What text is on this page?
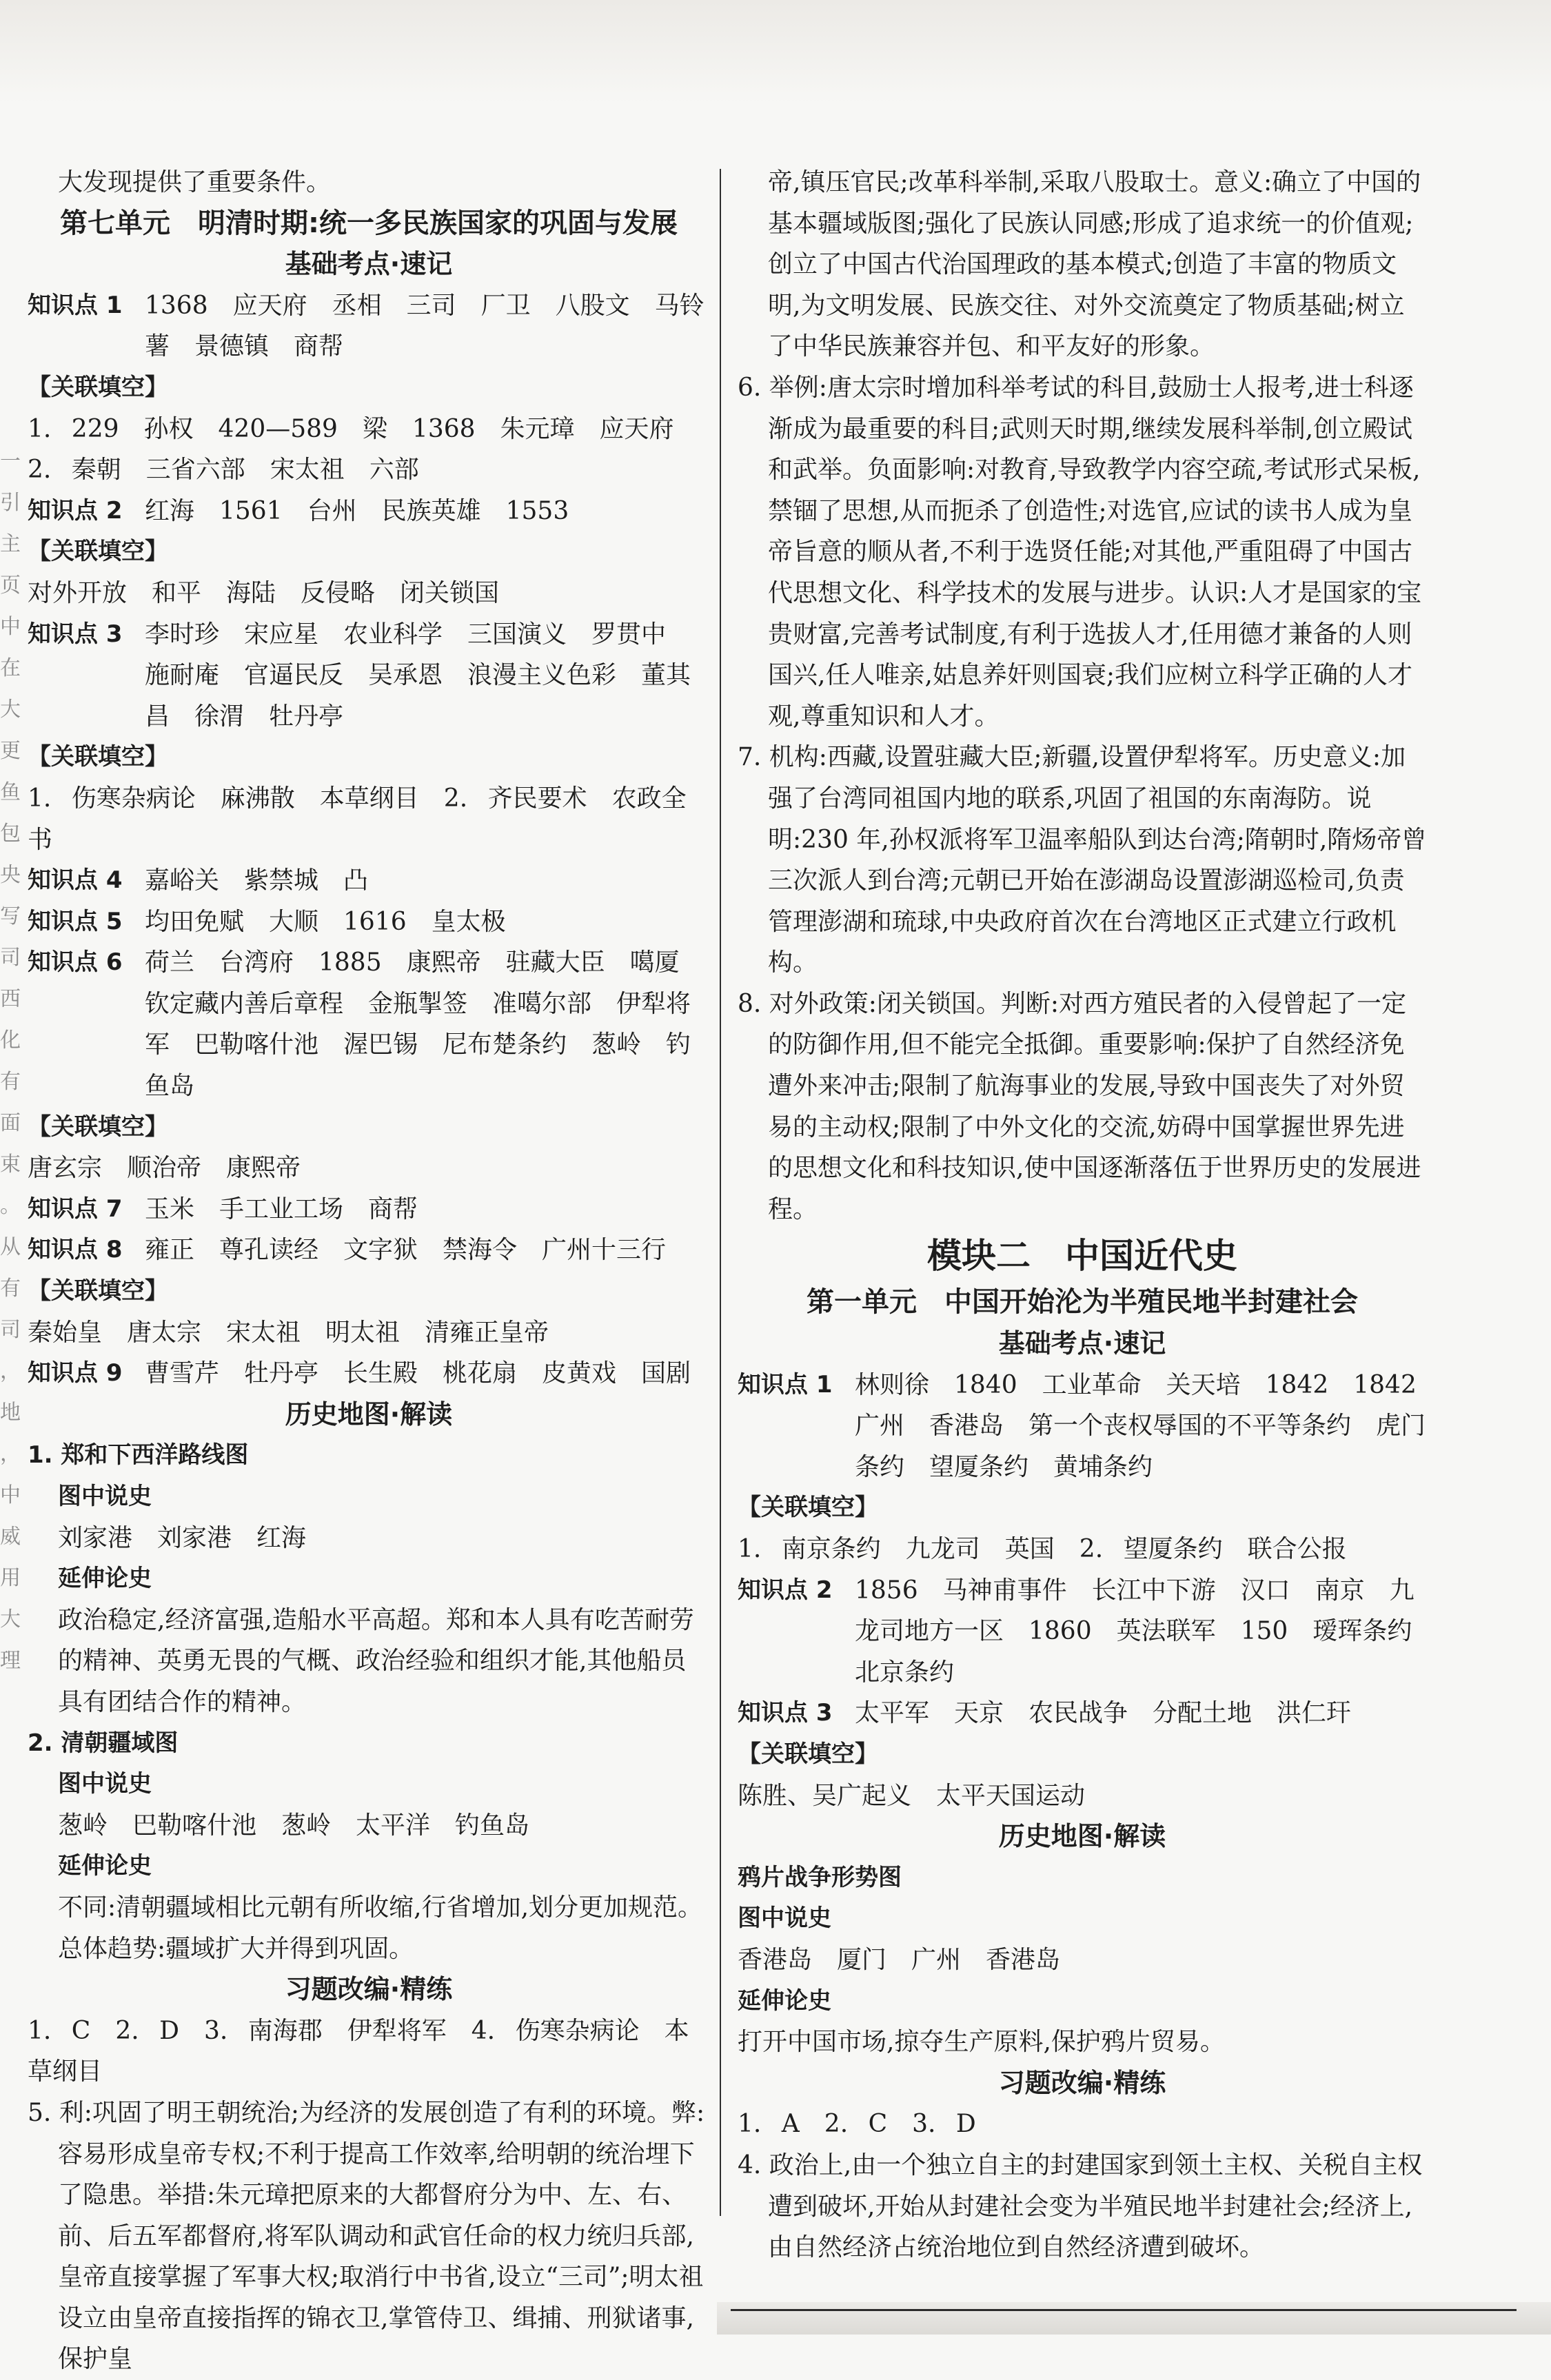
一
引
主
页
中
在
大
更
鱼
包
央
写
司
西
化
有
面
束
。
从
有
司
，
地
，
中
威
用
大
理
大发现提供了重要条件。
第七单元　明清时期:统一多民族国家的巩固与发展
基础考点·速记
知识点 1 1368　应天府　丞相　三司　厂卫　八股文　马铃薯　景德镇　商帮
【关联填空】
1. 229　孙权　420—589　梁　1368　朱元璋　应天府
2. 秦朝　三省六部　宋太祖　六部
知识点 2 红海　1561　台州　民族英雄　1553
【关联填空】
对外开放　和平　海陆　反侵略　闭关锁国
知识点 3 李时珍　宋应星　农业科学　三国演义　罗贯中　施耐庵　官逼民反　吴承恩　浪漫主义色彩　董其昌　徐渭　牡丹亭
【关联填空】
1. 伤寒杂病论　麻沸散　本草纲目　2. 齐民要术　农政全书
知识点 4 嘉峪关　紫禁城　凸
知识点 5 均田免赋　大顺　1616　皇太极
知识点 6 荷兰　台湾府　1885　康熙帝　驻藏大臣　噶厦　钦定藏内善后章程　金瓶掣签　准噶尔部　伊犁将军　巴勒喀什池　渥巴锡　尼布楚条约　葱岭　钓鱼岛
【关联填空】
唐玄宗　顺治帝　康熙帝
知识点 7 玉米　手工业工场　商帮
知识点 8 雍正　尊孔读经　文字狱　禁海令　广州十三行
【关联填空】
秦始皇　唐太宗　宋太祖　明太祖　清雍正皇帝
知识点 9 曹雪芹　牡丹亭　长生殿　桃花扇　皮黄戏　国剧
历史地图·解读
1. 郑和下西洋路线图
图中说史
刘家港　刘家港　红海
延伸论史
政治稳定,经济富强,造船水平高超。郑和本人具有吃苦耐劳的精神、英勇无畏的气概、政治经验和组织才能,其他船员具有团结合作的精神。
2. 清朝疆域图
图中说史
葱岭　巴勒喀什池　葱岭　太平洋　钓鱼岛
延伸论史
不同:清朝疆域相比元朝有所收缩,行省增加,划分更加规范。
总体趋势:疆域扩大并得到巩固。
习题改编·精练
1. C　2. D　3. 南海郡　伊犁将军　4. 伤寒杂病论　本草纲目
5. 利:巩固了明王朝统治;为经济的发展创造了有利的环境。弊:容易形成皇帝专权;不利于提高工作效率,给明朝的统治埋下了隐患。举措:朱元璋把原来的大都督府分为中、左、右、前、后五军都督府,将军队调动和武官任命的权力统归兵部,皇帝直接掌握了军事大权;取消行中书省,设立“三司”;明太祖设立由皇帝直接指挥的锦衣卫,掌管侍卫、缉捕、刑狱诸事,保护皇
帝,镇压官民;改革科举制,采取八股取士。意义:确立了中国的基本疆域版图;强化了民族认同感;形成了追求统一的价值观;创立了中国古代治国理政的基本模式;创造了丰富的物质文明,为文明发展、民族交往、对外交流奠定了物质基础;树立了中华民族兼容并包、和平友好的形象。
6. 举例:唐太宗时增加科举考试的科目,鼓励士人报考,进士科逐渐成为最重要的科目;武则天时期,继续发展科举制,创立殿试和武举。负面影响:对教育,导致教学内容空疏,考试形式呆板,禁锢了思想,从而扼杀了创造性;对选官,应试的读书人成为皇帝旨意的顺从者,不利于选贤任能;对其他,严重阻碍了中国古代思想文化、科学技术的发展与进步。认识:人才是国家的宝贵财富,完善考试制度,有利于选拔人才,任用德才兼备的人则国兴,任人唯亲,姑息养奸则国衰;我们应树立科学正确的人才观,尊重知识和人才。
7. 机构:西藏,设置驻藏大臣;新疆,设置伊犁将军。历史意义:加强了台湾同祖国内地的联系,巩固了祖国的东南海防。说明:230 年,孙权派将军卫温率船队到达台湾;隋朝时,隋炀帝曾三次派人到台湾;元朝已开始在澎湖岛设置澎湖巡检司,负责管理澎湖和琉球,中央政府首次在台湾地区正式建立行政机构。
8. 对外政策:闭关锁国。判断:对西方殖民者的入侵曾起了一定的防御作用,但不能完全抵御。重要影响:保护了自然经济免遭外来冲击;限制了航海事业的发展,导致中国丧失了对外贸易的主动权;限制了中外文化的交流,妨碍中国掌握世界先进的思想文化和科技知识,使中国逐渐落伍于世界历史的发展进程。
模块二　中国近代史
第一单元　中国开始沦为半殖民地半封建社会
基础考点·速记
知识点 1 林则徐　1840　工业革命　关天培　1842　1842　广州　香港岛　第一个丧权辱国的不平等条约　虎门条约　望厦条约　黄埔条约
【关联填空】
1. 南京条约　九龙司　英国　2. 望厦条约　联合公报
知识点 2 1856　马神甫事件　长江中下游　汉口　南京　九龙司地方一区　1860　英法联军　150　瑷珲条约　北京条约
知识点 3 太平军　天京　农民战争　分配土地　洪仁玕
【关联填空】
陈胜、吴广起义　太平天国运动
历史地图·解读
鸦片战争形势图
图中说史
香港岛　厦门　广州　香港岛
延伸论史
打开中国市场,掠夺生产原料,保护鸦片贸易。
习题改编·精练
1. A　2. C　3. D
4. 政治上,由一个独立自主的封建国家到领土主权、关税自主权遭到破坏,开始从封建社会变为半殖民地半封建社会;经济上,由自然经济占统治地位到自然经济遭到破坏。
